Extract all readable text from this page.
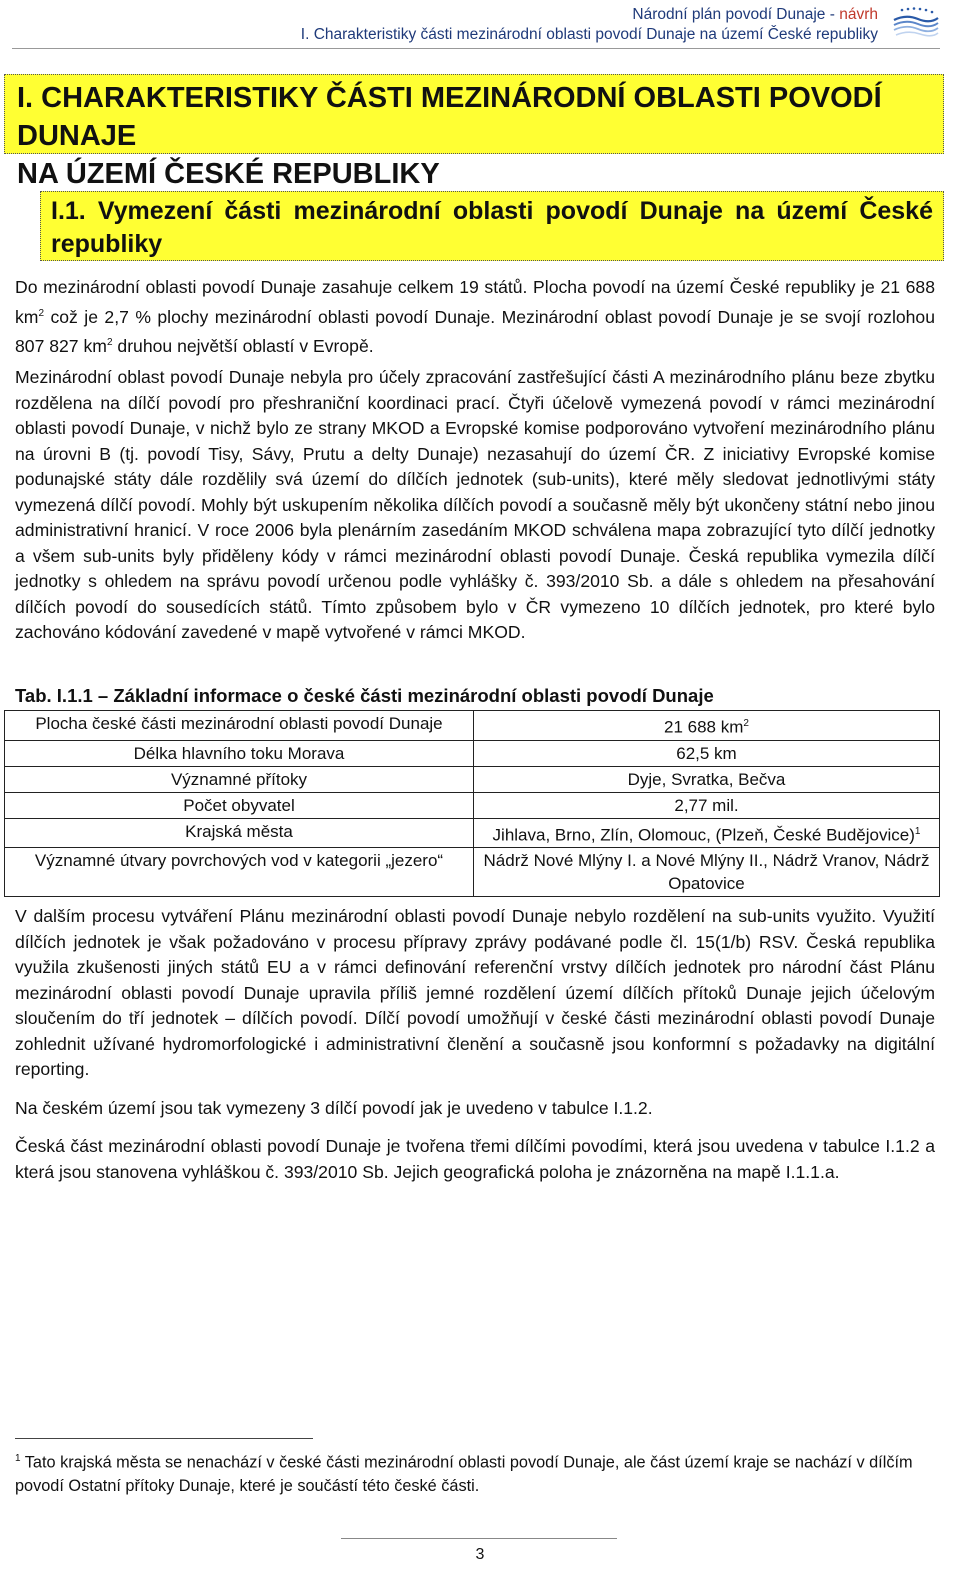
Národní plán povodí Dunaje - návrh
I. Charakteristiky části mezinárodní oblasti povodí Dunaje na území České republiky
I. CHARAKTERISTIKY ČÁSTI MEZINÁRODNÍ OBLASTI POVODÍ DUNAJE
NA ÚZEMÍ ČESKÉ REPUBLIKY
I.1. Vymezení části mezinárodní oblasti povodí Dunaje na území České republiky
Do mezinárodní oblasti povodí Dunaje zasahuje celkem 19 států. Plocha povodí na území České republiky je 21 688 $km^2$ což je 2,7 % plochy mezinárodní oblasti povodí Dunaje. Mezinárodní oblast povodí Dunaje je se svojí rozlohou 807 827 $km^2$ druhou největší oblastí v Evropě.
Mezinárodní oblast povodí Dunaje nebyla pro účely zpracování zastřešující části A mezinárodního plánu beze zbytku rozdělena na dílčí povodí pro přeshraniční koordinaci prací. Čtyři účelově vymezená povodí v rámci mezinárodní oblasti povodí Dunaje, v nichž bylo ze strany MKOD a Evropské komise podporováno vytvoření mezinárodního plánu na úrovni B (tj. povodí Tisy, Sávy, Prutu a delty Dunaje) nezasahují do území ČR. Z iniciativy Evropské komise podunajské státy dále rozdělily svá území do dílčích jednotek (sub-units), které měly sledovat jednotlivými státy vymezená dílčí povodí. Mohly být uskupením několika dílčích povodí a současně měly být ukončeny státní nebo jinou administrativní hranicí. V roce 2006 byla plenárním zasedáním MKOD schválena mapa zobrazující tyto dílčí jednotky a všem sub-units byly přiděleny kódy v rámci mezinárodní oblasti povodí Dunaje. Česká republika vymezila dílčí jednotky s ohledem na správu povodí určenou podle vyhlášky č. 393/2010 Sb. a dále s ohledem na přesahování dílčích povodí do sousedících států. Tímto způsobem bylo v ČR vymezeno 10 dílčích jednotek, pro které bylo zachováno kódování zavedené v mapě vytvořené v rámci MKOD.
Tab. I.1.1 – Základní informace o české části mezinárodní oblasti povodí Dunaje
Plocha české části mezinárodní oblasti povodí Dunaje	21 688 $km^2$
Délka hlavního toku Morava	62,5 km
Významné přítoky	Dyje, Svratka, Bečva
Počet obyvatel	2,77 mil.
Krajská města	Jihlava, Brno, Zlín, Olomouc, (Plzeň, České Budějovice)$^1$
Významné útvary povrchových vod v kategorii „jezero“	Nádrž Nové Mlýny I. a Nové Mlýny II., Nádrž Vranov, Nádrž Opatovice
V dalším procesu vytváření Plánu mezinárodní oblasti povodí Dunaje nebylo rozdělení na sub-units využito. Využití dílčích jednotek je však požadováno v procesu přípravy zprávy podávané podle čl. 15(1/b) RSV. Česká republika využila zkušenosti jiných států EU a v rámci definování referenční vrstvy dílčích jednotek pro národní část Plánu mezinárodní oblasti povodí Dunaje upravila příliš jemné rozdělení území dílčích přítoků Dunaje jejich účelovým sloučením do tří jednotek – dílčích povodí. Dílčí povodí umožňují v české části mezinárodní oblasti povodí Dunaje zohlednit užívané hydromorfologické i administrativní členění a současně jsou konformní s požadavky na digitální reporting.
Na českém území jsou tak vymezeny 3 dílčí povodí jak je uvedeno v tabulce I.1.2.
Česká část mezinárodní oblasti povodí Dunaje je tvořena třemi dílčími povodími, která jsou uvedena v tabulce I.1.2 a která jsou stanovena vyhláškou č. 393/2010 Sb. Jejich geografická poloha je znázorněna na mapě I.1.1.a.
$^1$ Tato krajská města se nenachází v české části mezinárodní oblasti povodí Dunaje, ale část území kraje se nachází v dílčím povodí Ostatní přítoky Dunaje, které je součástí této české části.
3
